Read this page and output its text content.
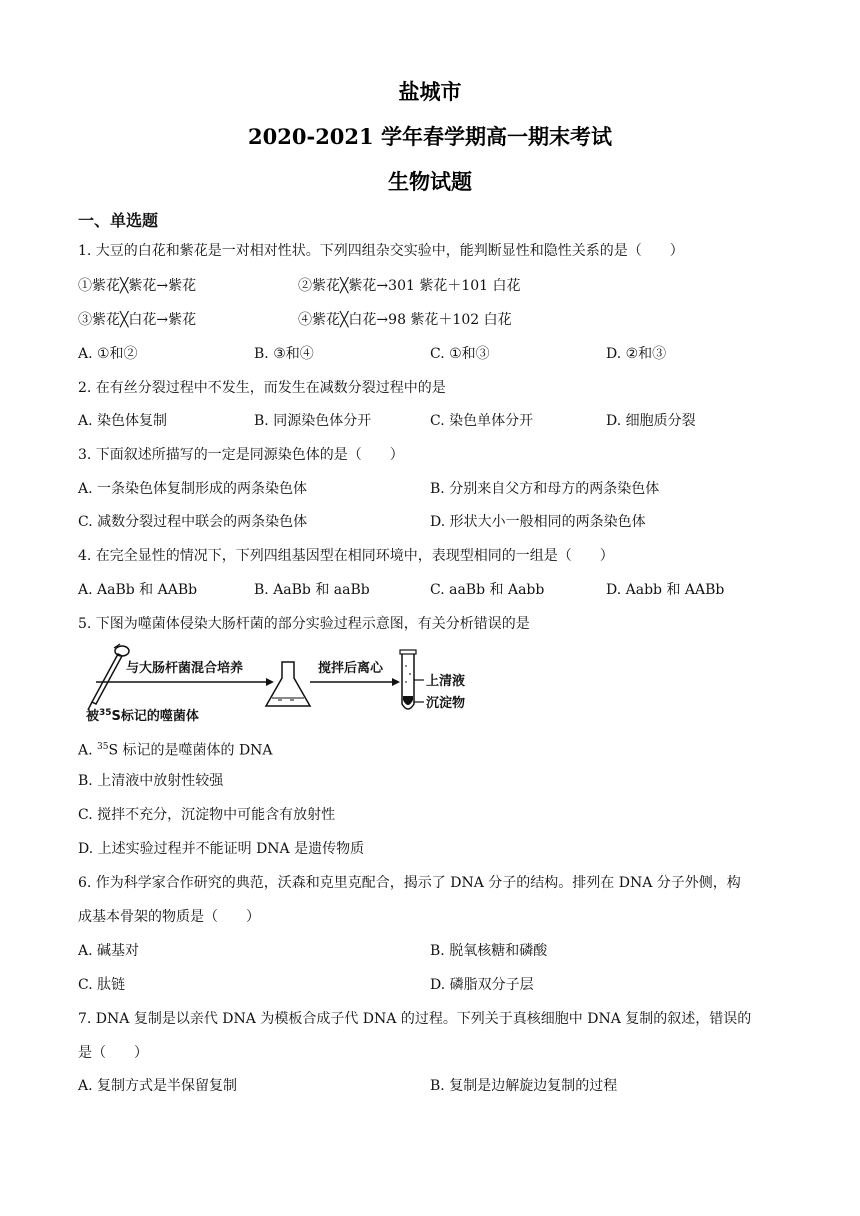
盐城市
2020-2021 学年春学期高一期末考试
生物试题
一、单选题
1. 大豆的白花和紫花是一对相对性状。下列四组杂交实验中，能判断显性和隐性关系的是（　　）
①紫花╳紫花→紫花	②紫花╳紫花→301 紫花＋101 白花
③紫花╳白花→紫花	④紫花╳白花→98 紫花＋102 白花
A. ①和②	B. ③和④	C. ①和③	D. ②和③
2. 在有丝分裂过程中不发生，而发生在减数分裂过程中的是
A. 染色体复制	B. 同源染色体分开	C. 染色单体分开	D. 细胞质分裂
3. 下面叙述所描写的一定是同源染色体的是（　　）
A. 一条染色体复制形成的两条染色体	B. 分别来自父方和母方的两条染色体
C. 减数分裂过程中联会的两条染色体	D. 形状大小一般相同的两条染色体
4. 在完全显性的情况下，下列四组基因型在相同环境中，表现型相同的一组是（　　）
A. AaBb 和 AABb	B. AaBb 和 aaBb	C. aaBb 和 Aabb	D. Aabb 和 AABb
5. 下图为噬菌体侵染大肠杆菌的部分实验过程示意图，有关分析错误的是
与大肠杆菌混合培养	搅拌后离心
上清液
沉淀物
被$^{35}$S标记的噬菌体
A. $^{35}$S 标记的是噬菌体的 DNA
B. 上清液中放射性较强
C. 搅拌不充分，沉淀物中可能含有放射性
D. 上述实验过程并不能证明 DNA 是遗传物质
6. 作为科学家合作研究的典范，沃森和克里克配合，揭示了 DNA 分子的结构。排列在 DNA 分子外侧，构
成基本骨架的物质是（　　）
A. 碱基对	B. 脱氧核糖和磷酸
C. 肽链	D. 磷脂双分子层
7. DNA 复制是以亲代 DNA 为模板合成子代 DNA 的过程。下列关于真核细胞中 DNA 复制的叙述，错误的
是（　　）
A. 复制方式是半保留复制	B. 复制是边解旋边复制的过程
